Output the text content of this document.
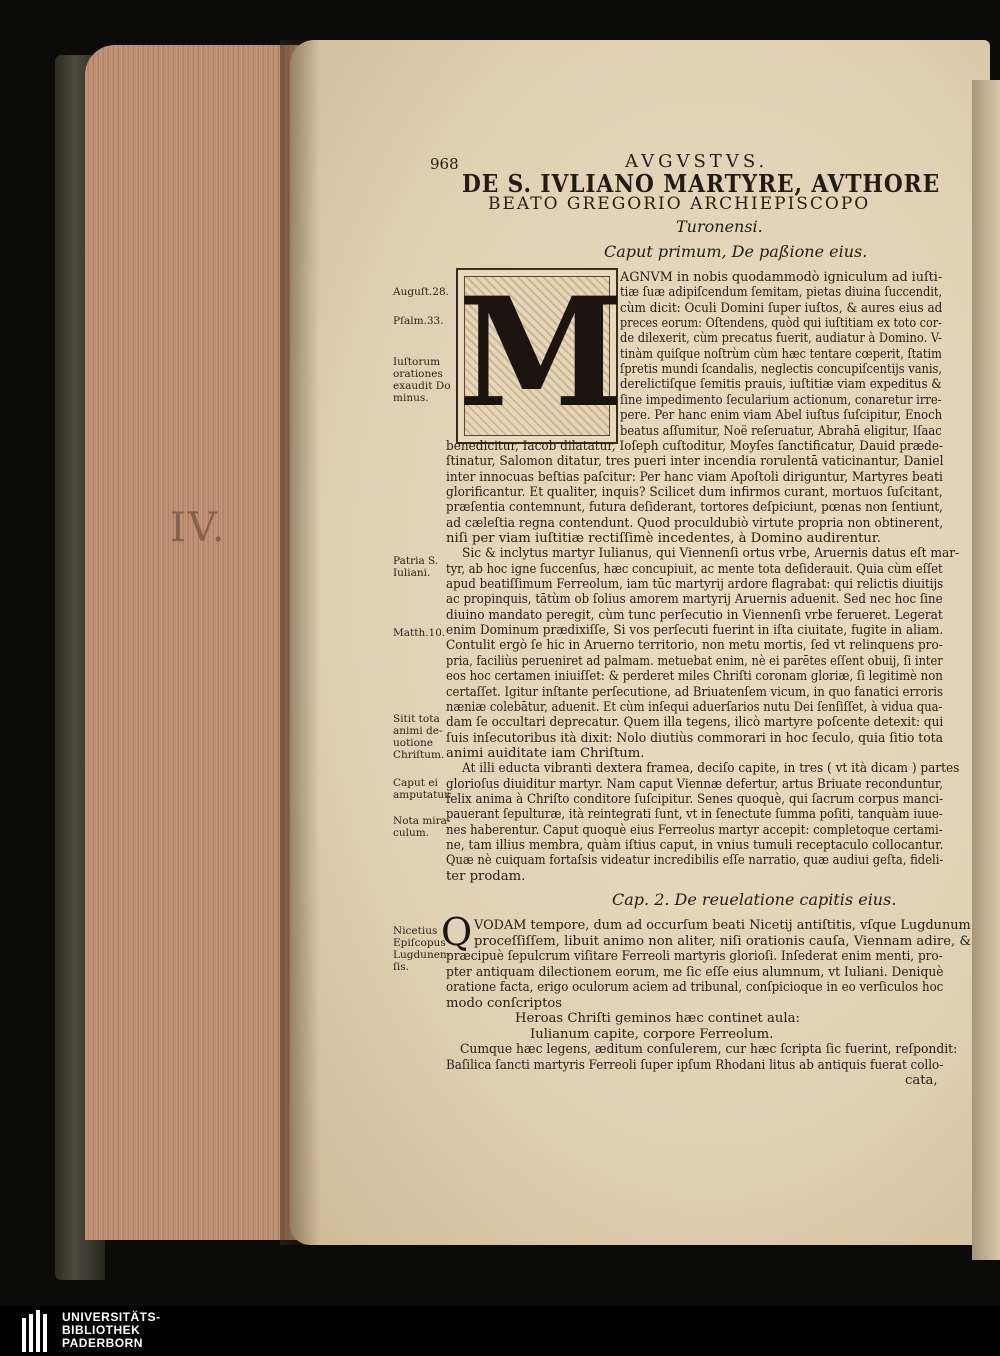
IV.
968	AVGVSTVS.
DE S. IVLIANO MARTYRE, AVTHORE
BEATO GREGORIO ARCHIEPISCOPO
Turonensi.
Caput primum, De paßione eius.
Cap. 2. De reuelatione capitis eius.
Auguſt.28.
Pſalm.33.
Iuſtorum
orationes
exaudit Do
minus.
Patria S.
Iuliani.
Matth.10.
Sitit tota
animi de-
uotione
Chriſtum.
Caput ei
amputatur.
Nota mira-
culum.
Nicetius
Epiſcopus
Lugdunen-
ſis.
M
Q
AGNVM in nobis quodammodò igniculum ad iuſti-
tiæ ſuæ adipiſcendum ſemitam, pietas diuina ſuccendit,
cùm dicit: Oculi Domini ſuper iuſtos, & aures eius ad
preces eorum: Oſtendens, quòd qui iuſtitiam ex toto cor-
de dilexerit, cùm precatus fuerit, audiatur à Domino. V-
tinàm quiſque noſtrùm cùm hæc tentare cœperit, ſtatim
ſpretis mundi ſcandalis, neglectis concupiſcentijs vanis,
derelictiſque ſemitis prauis, iuſtitiæ viam expeditus &
ſine impedimento ſecularium actionum, conaretur irre-
pere. Per hanc enim viam Abel iuſtus ſuſcipitur, Enoch
beatus aſſumitur, Noë reſeruatur, Abrahā eligitur, Iſaac
benedicitur, Iacob dilatatur, Ioſeph cuſtoditur, Moyſes ſanctificatur, Dauid præde-
ſtinatur, Salomon ditatur, tres pueri inter incendia rorulentā vaticinantur, Daniel
inter innocuas beſtias paſcitur: Per hanc viam Apoſtoli diriguntur, Martyres beati
glorificantur. Et qualiter, inquis? Scilicet dum infirmos curant, mortuos ſuſcitant,
præſentia contemnunt, futura deſiderant, tortores deſpiciunt, pœnas non ſentiunt,
ad cæleſtia regna contendunt. Quod proculdubiò virtute propria non obtinerent,
niſi per viam iuſtitiæ rectiſſimè incedentes, à Domino audirentur.
Sic & inclytus martyr Iulianus, qui Viennenſi ortus vrbe, Aruernis datus eſt mar-
tyr, ab hoc igne ſuccenſus, hæc concupiuit, ac mente tota deſiderauit. Quia cùm eſſet
apud beatiſſimum Ferreolum, iam tūc martyrij ardore flagrabat: qui relictis diuitijs
ac propinquis, tātùm ob ſolius amorem martyrij Aruernis aduenit. Sed nec hoc ſine
diuino mandato peregit, cùm tunc perſecutio in Viennenſi vrbe ferueret. Legerat
enim Dominum prædixiſſe, Si vos perſecuti fuerint in iſta ciuitate, fugite in aliam.
Contulit ergò ſe hic in Aruerno territorio, non metu mortis, ſed vt relinquens pro-
pria, faciliùs perueniret ad palmam. metuebat enim, nè ei parētes eſſent obuij, ſi inter
eos hoc certamen iniuiſſet: & perderet miles Chriſti coronam gloriæ, ſi legitimè non
certaſſet. Igitur inſtante perſecutione, ad Briuatenſem vicum, in quo fanatici erroris
næniæ colebātur, aduenit. Et cùm inſequi aduerſarios nutu Dei ſenſiſſet, à vidua qua-
dam ſe occultari deprecatur. Quem illa tegens, ilicò martyre poſcente detexit: qui
ſuis inſecutoribus ità dixit: Nolo diutiùs commorari in hoc ſeculo, quia ſitio tota
animi auiditate iam Chriſtum.
At illi educta vibranti dextera framea, deciſo capite, in tres ( vt ità dicam ) partes
glorioſus diuiditur martyr. Nam caput Viennæ defertur, artus Briuate reconduntur,
felix anima à Chriſto conditore ſuſcipitur. Senes quoquè, qui ſacrum corpus manci-
pauerant ſepulturæ, ità reintegrati ſunt, vt in ſenectute ſumma poſiti, tanquàm iuue-
nes haberentur. Caput quoquè eius Ferreolus martyr accepit: completoque certami-
ne, tam illius membra, quàm iſtius caput, in vnius tumuli receptaculo collocantur.
Quæ nè cuiquam fortaſsis videatur incredibilis eſſe narratio, quæ audiui geſta, fideli-
ter prodam.
VODAM tempore, dum ad occurſum beati Nicetij antiſtitis, vſque Lugdunum
proceſſiſſem, libuit animo non aliter, niſi orationis cauſa, Viennam adire, &
præcipuè ſepulcrum viſitare Ferreoli martyris glorioſi. Inſederat enim menti, pro-
pter antiquam dilectionem eorum, me ſic eſſe eius alumnum, vt Iuliani. Deniquè
oratione facta, erigo oculorum aciem ad tribunal, conſpicioque in eo verſiculos hoc
modo conſcriptos
Heroas Chriſti geminos hæc continet aula:
Iulianum capite, corpore Ferreolum.
Cumque hæc legens, æditum conſulerem, cur hæc ſcripta ſic fuerint, reſpondit:
Baſilica ſancti martyris Ferreoli ſuper ipſum Rhodani litus ab antiquis fuerat collo-
cata,
UNIVERSITÄTS-
BIBLIOTHEK
PADERBORN
